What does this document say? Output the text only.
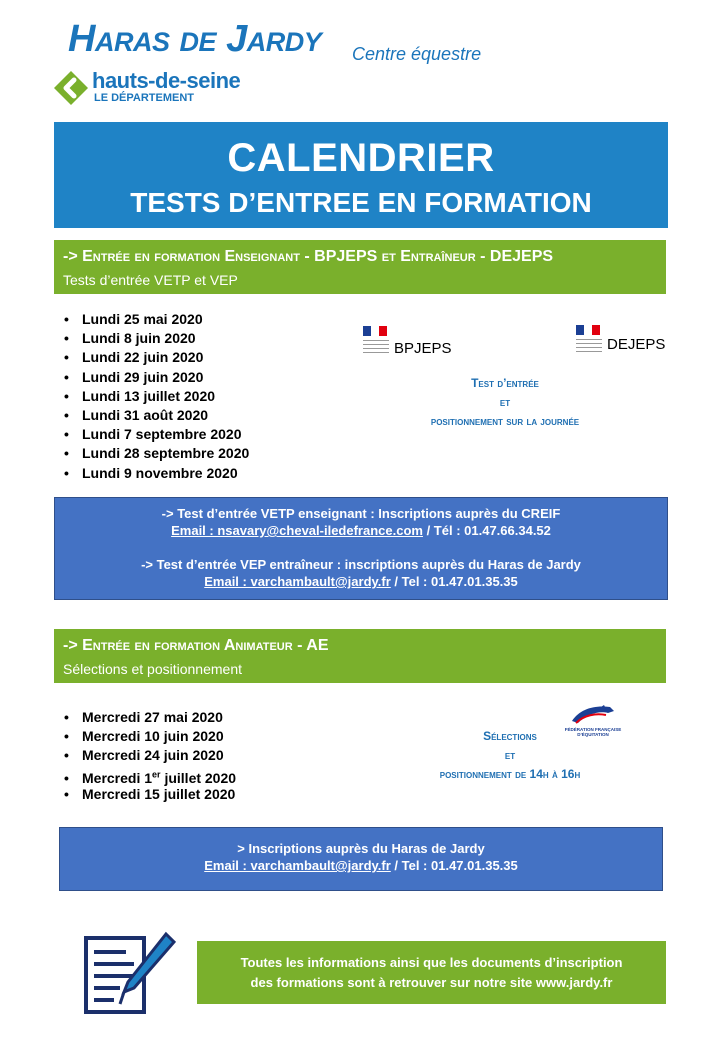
Haras de Jardy Centre équestre
hauts-de-seine
LE DÉPARTEMENT
CALENDRIER
TESTS D’ENTREE EN FORMATION
-> Entrée en formation Enseignant - BPJEPS et Entraîneur - DEJEPS
Tests d’entrée VETP et VEP
• Lundi 25 mai 2020
• Lundi 8 juin 2020
• Lundi 22 juin 2020
• Lundi 29 juin 2020
• Lundi 13 juillet 2020
• Lundi 31 août 2020
• Lundi 7 septembre 2020
• Lundi 28 septembre 2020
• Lundi 9 novembre 2020
BPJEPS	DEJEPS
Test d’entrée
et
positionnement sur la journée
-> Test d’entrée VETP enseignant : Inscriptions auprès du CREIF
Email : nsavary@cheval-iledefrance.com / Tél : 01.47.66.34.52
-> Test d’entrée VEP entraîneur : inscriptions auprès du Haras de Jardy
Email : varchambault@jardy.fr / Tel : 01.47.01.35.35
-> Entrée en formation Animateur - AE
Sélections et positionnement
• Mercredi 27 mai 2020
• Mercredi 10 juin 2020
• Mercredi 24 juin 2020
• Mercredi 1er juillet 2020
• Mercredi 15 juillet 2020
FÉDÉRATION FRANÇAISE D’ÉQUITATION
Sélections
et
positionnement de 14h à 16h
> Inscriptions auprès du Haras de Jardy
Email : varchambault@jardy.fr / Tel : 01.47.01.35.35
Toutes les informations ainsi que les documents d’inscription
des formations sont à retrouver sur notre site www.jardy.fr
